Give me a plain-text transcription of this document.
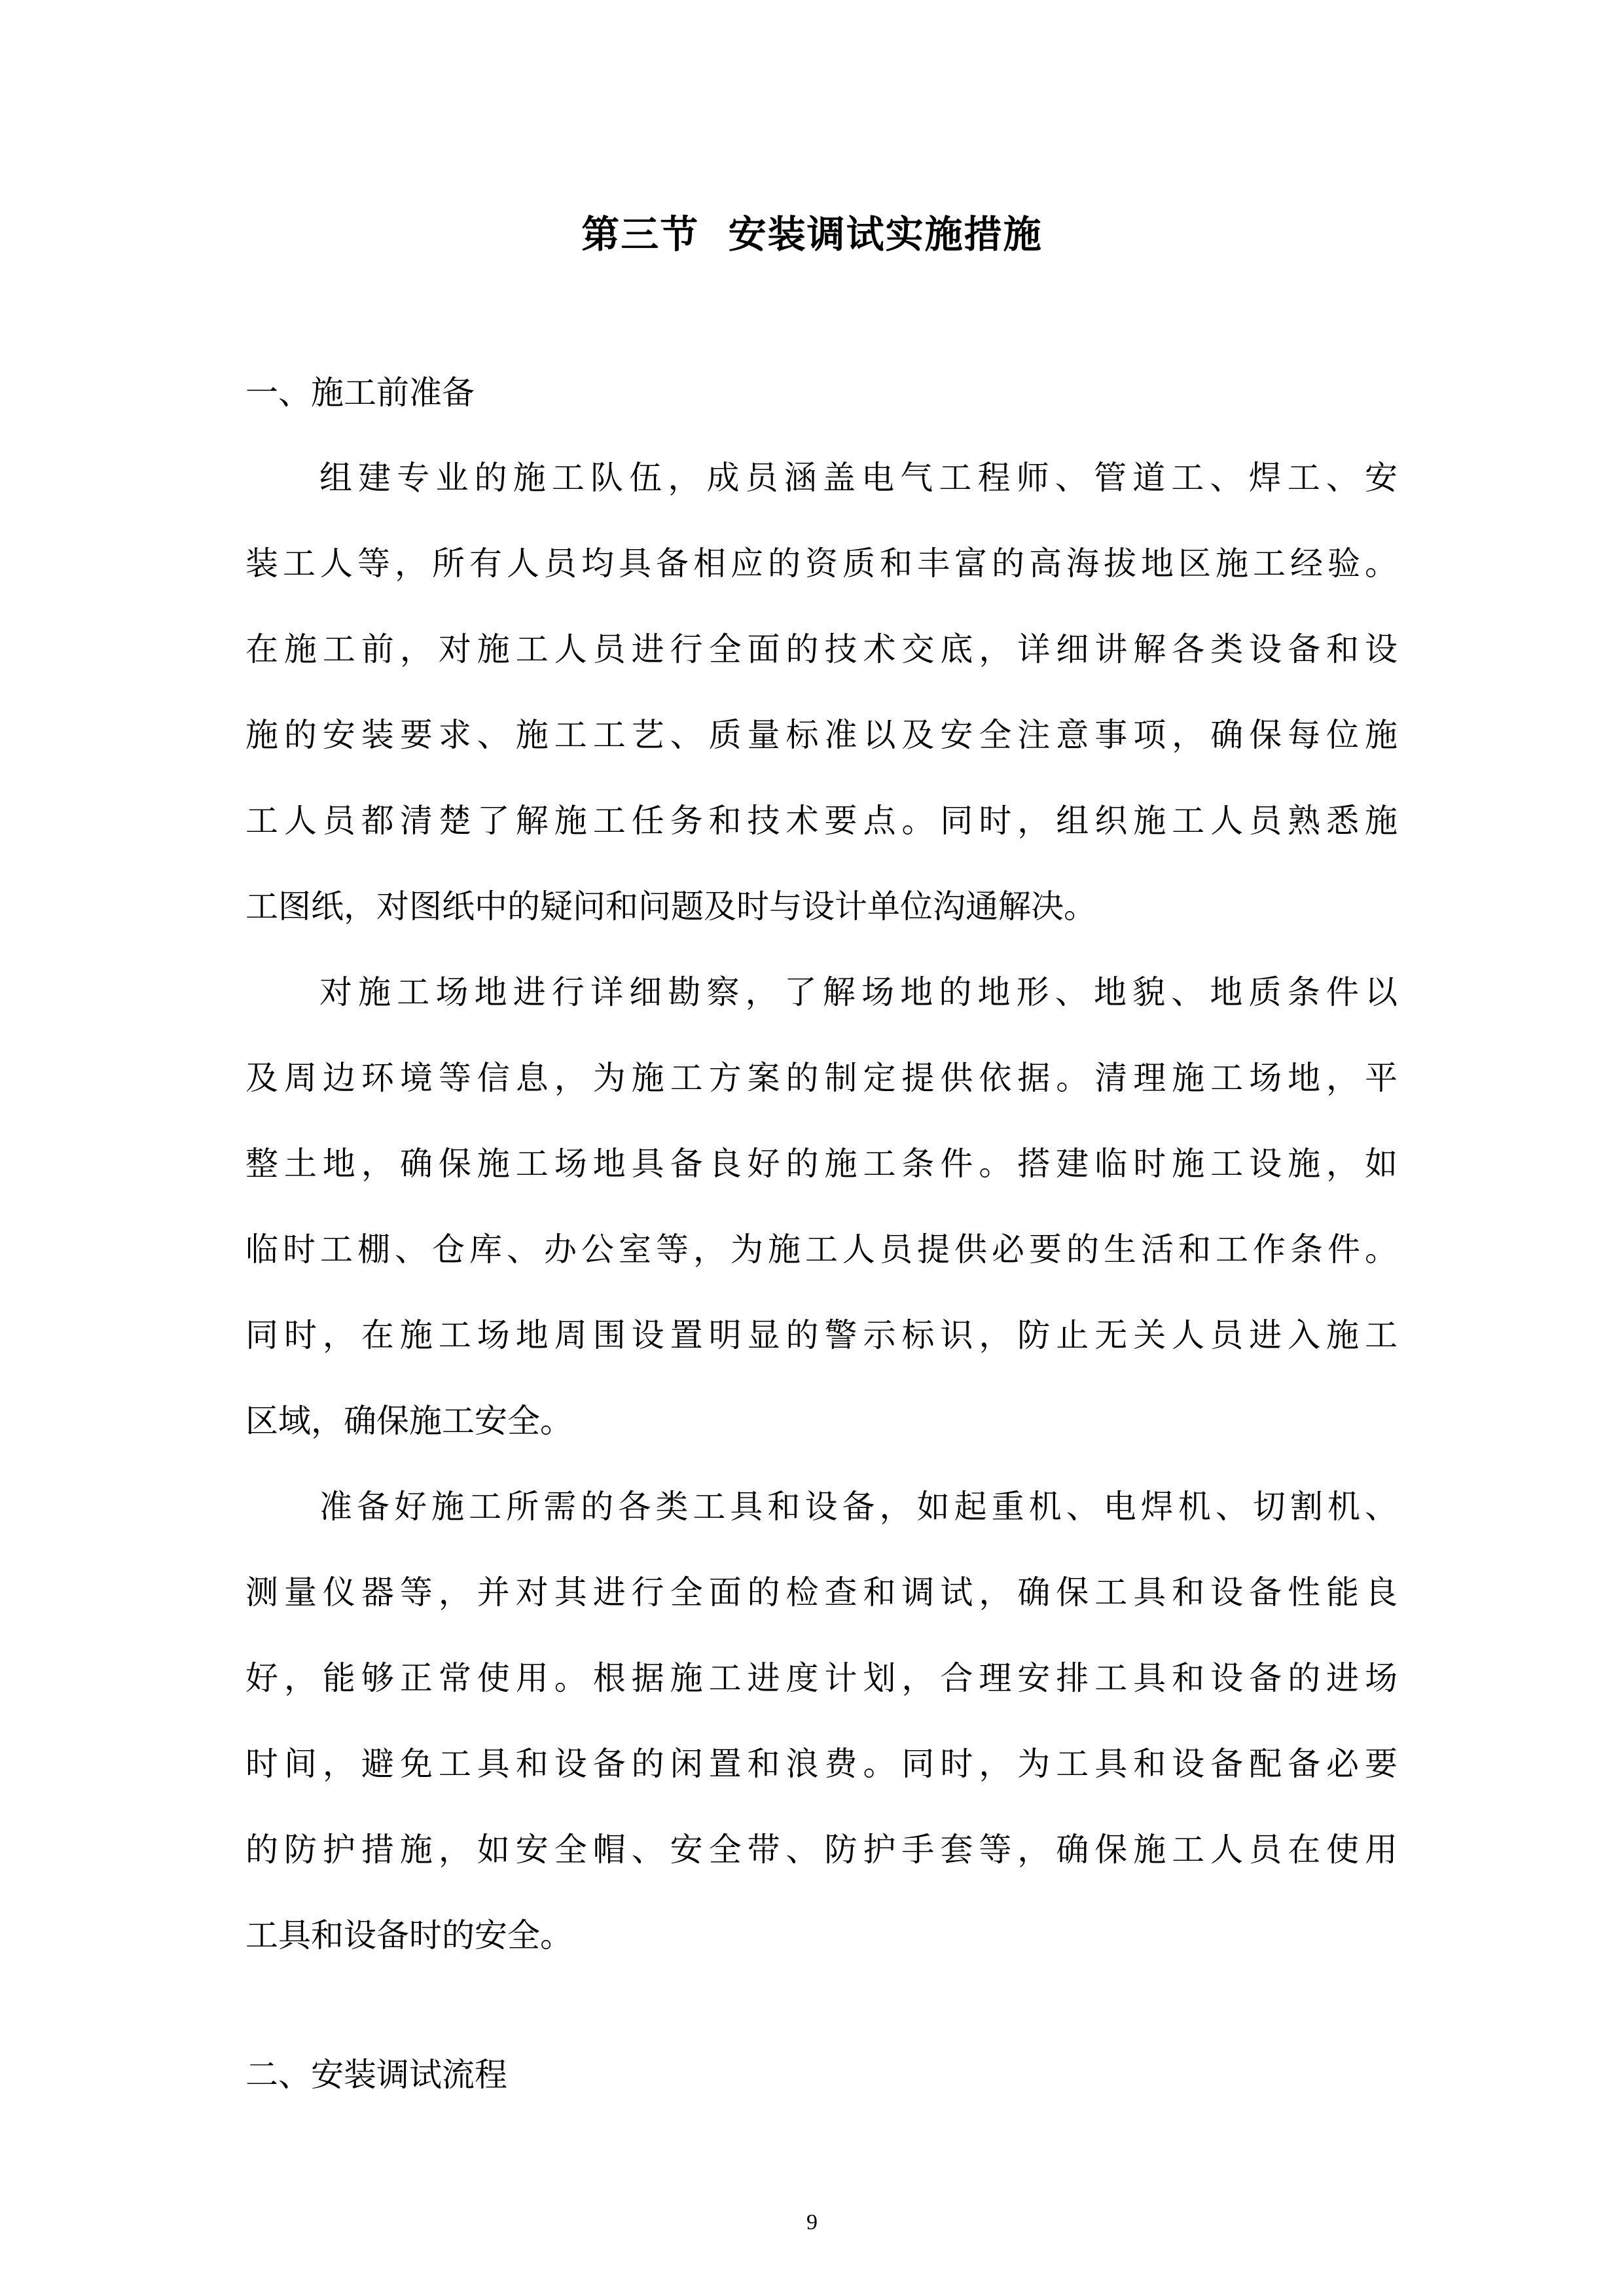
第三节  安装调试实施措施
一、施工前准备
组建专业的施工队伍，成员涵盖电气工程师、管道工、焊工、安
装工人等，所有人员均具备相应的资质和丰富的高海拔地区施工经验。
在施工前，对施工人员进行全面的技术交底，详细讲解各类设备和设
施的安装要求、施工工艺、质量标准以及安全注意事项，确保每位施
工人员都清楚了解施工任务和技术要点。同时，组织施工人员熟悉施
工图纸，对图纸中的疑问和问题及时与设计单位沟通解决。
对施工场地进行详细勘察，了解场地的地形、地貌、地质条件以
及周边环境等信息，为施工方案的制定提供依据。清理施工场地，平
整土地，确保施工场地具备良好的施工条件。搭建临时施工设施，如
临时工棚、仓库、办公室等，为施工人员提供必要的生活和工作条件。
同时，在施工场地周围设置明显的警示标识，防止无关人员进入施工
区域，确保施工安全。
准备好施工所需的各类工具和设备，如起重机、电焊机、切割机、
测量仪器等，并对其进行全面的检查和调试，确保工具和设备性能良
好，能够正常使用。根据施工进度计划，合理安排工具和设备的进场
时间，避免工具和设备的闲置和浪费。同时，为工具和设备配备必要
的防护措施，如安全帽、安全带、防护手套等，确保施工人员在使用
工具和设备时的安全。
二、安装调试流程
9
